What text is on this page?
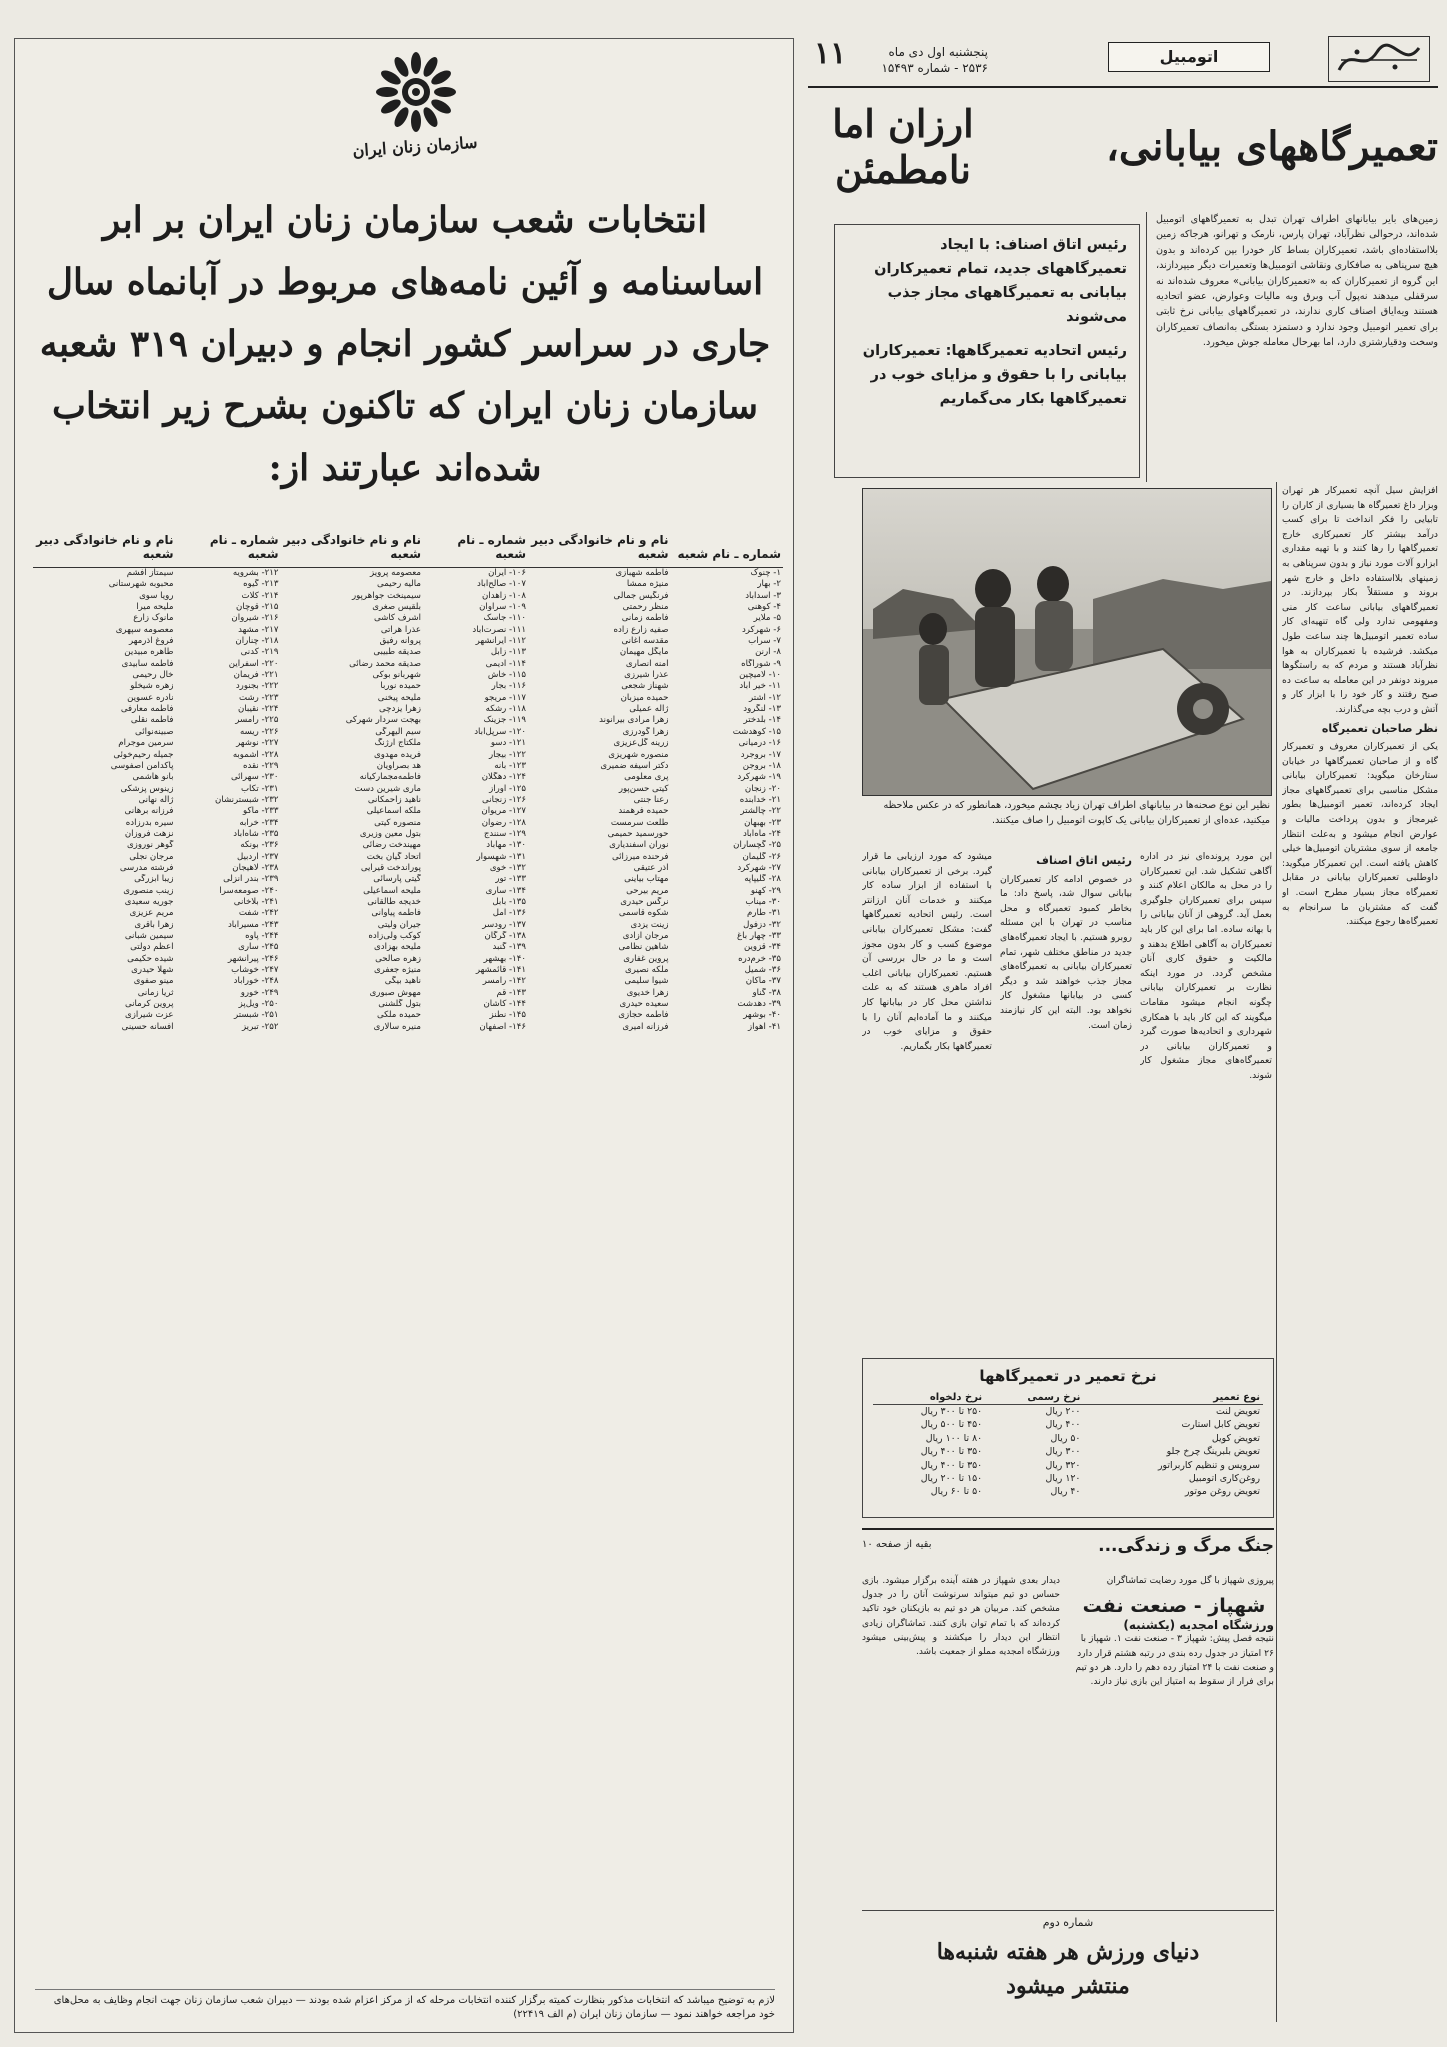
سازمان زنان ایران
انتخابات شعب سازمان زنان ایران بر ابر اساسنامه و آئین نامه‌های مربوط در آبانماه سال جاری در سراسر کشور انجام و دبیران ۳۱۹ شعبه سازمان زنان ایران که تاکنون بشرح زیر انتخاب شده‌اند عبارتند از:
شماره ـ نام شعبه	نام و نام خانوادگی دبیر شعبه	شماره ـ نام شعبه	نام و نام خانوادگی دبیر شعبه	شماره ـ نام شعبه	نام و نام خانوادگی دبیر شعبه
۱- چنوک	فاطمه شهبازی	۱۰۶- ایران	معصومه پرویز	۲۱۲- بشرویه	سیمتاز افشم
۲- بهار	منیژه ممشا	۱۰۷- صالح‌آباد	مالیه رحیمی	۲۱۳- گیوه	محبوبه شهرستانی
۳- آسدآباد	فرنگیس جمالی	۱۰۸- زاهدان	سیمینخت جوآهرپور	۲۱۴- کلات	رویا سوی
۴- کوهنی	منظر رحمتی	۱۰۹- سراوان	بلقیس صغری	۲۱۵- قوچان	ملیحه میرا
۵- ملایر	فاطمه زمانی	۱۱۰- جاسک	اشرف کاشی	۲۱۶- شیروان	مانوک زارع
۶- شهرکرد	صفیه زارع زاده	۱۱۱- نصرت‌آباد	عذرا هراتی	۲۱۷- مشهد	معصومه سپهری
۷- سراب	مقدسه آغانی	۱۱۲- ایرانشهر	پروانه رفیق	۲۱۸- چناران	فروغ آذرمهر
۸- ارنن	مایگل مهیمان	۱۱۳- زابل	صدیقه طبیبی	۲۱۹- کدنی	طاهره مبیدین
۹- شوراگاه	آمنه انصاری	۱۱۴- ادیمی	صدیقه محمد رضائی	۲۲۰- اسفراین	فاطمه سابیدی
۱۰- لامیچین	عذرا شیرزی	۱۱۵- خاش	شهربانو بوکی	۲۲۱- فریمان	خال رحیمی
۱۱- خیر آباد	شهناز شجعی	۱۱۶- بجار	حمیده نوربا	۲۲۲- بجنورد	زهره شیخلو
۱۲- اشتر	حمیده میزبان	۱۱۷- مریجو	ملیحه پیخنی	۲۲۳- رشت	نادره عسوین
۱۳- لنگرود	ژاله عمیلی	۱۱۸- رشکه	زهرا یزدچی	۲۲۴- نقیبان	فاطمه معارفی
۱۴- بلدختر	زهرا مرادی بیرانوند	۱۱۹- جزینک	بهجت سردار شهرکی	۲۲۵- رامسر	فاطمه نقلی
۱۵- کوهدشت	زهرا گودرزی	۱۲۰- سرپل‌آباد	سیم الیهرگی	۲۲۶- ریسه	صبینه‌نوائی
۱۶- درمیانی	زرینه گل‌عزیزی	۱۲۱- دسو	ملکتاج ارژنگ	۲۲۷- نوشهر	سرمین موجرام
۱۷- بروجرد	منصوره شهریزی	۱۲۲- بیجار	فریده مهدوی	۲۲۸- آشموبه	جمیله رحیم‌خوئی
۱۸- بروجن	دکتر آسیفه ضمیری	۱۲۳- بانه	هد بصراویان	۲۲۹- نقده	پاکدامن‌ اصفوسی
۱۹- شهرکرد	پری معلومی	۱۲۴- دهگلان	فاطمه‌مجمارکیانه	۲۳۰- سهرائی	بانو هاشمی
۲۰- زنجان	کیتی حسن‌پور	۱۲۵- اوراز	ماری شیرین دست	۲۳۱- تکاب	زینوس پزشکی
۲۱- خدابنده	رعنا جنتی	۱۲۶- زنجانی	ناهید زاحمکانی	۲۳۲- شبسترنشان	ژاله نهانی
۲۲- چالشتر	حمیده فرهمند	۱۲۷- مریوان	ملکه اسماعیلی	۲۳۳- ماکو	فرزانه برهانی
۲۳- بهبهان	طلعت سرمست	۱۲۸- رضوان	منصوره کیتی	۲۳۴- خرابه	سیره بدرزاده
۲۴- ماه‌آباد	حورسمید حمیمی	۱۲۹- سنندج	بتول معین وزیری	۲۳۵- شاه‌آباد	نزهت فروزان
۲۵- گچساران	نوران اسفندیاری	۱۳۰- مهاباد	مهیندخت رضائی	۲۳۶- بونکه	گوهر نوروزی
۲۶- گلیمان	فرحنده میرزائی	۱۳۱- شهسوار	اتحاد گیان بخت	۲۳۷- اردبیل	مرجان نجلی
۲۷- شهرکرد	آذر عتیقی	۱۳۲- خوی	پوراندخت قیرایی	۲۳۸- لاهیجان	فرشته مدرسی
۲۸- گلیپاپه	مهتاب بیاینی	۱۳۳- تور	گیتی پارسائی	۲۳۹- بندر انزلی	زیبا ابزرگی
۲۹- کهنو	مریم بیرحی	۱۳۴- ساری	ملیحه اسماعیلی	۲۴۰- صومعه‌سرا	زینب منصوری
۳۰- میناب	نرگس حیدری	۱۳۵- بابل	خدیجه طالقانی	۲۴۱- بلاخانی	جوریه سعیدی
۳۱- طارم	شکوه قاسمی	۱۳۶- آمل	فاطمه پیاوانی	۲۴۲- شفت	مریم عزیزی
۳۲- دزفول	زینت یزدی	۱۳۷- رودسر	جیران ولیتی	۲۴۳- مسیرآباد	زهرا باقری
۳۳- چهار باغ	مرجان آزادی	۱۳۸- گرگان	کوکب ولی‌زاده	۲۴۴- پاوه	سیمین شبانی
۳۴- قزوین	شاهین نظامی	۱۳۹- گنبد	ملیحه بهزادی	۲۴۵- ساری	اعظم دولتی
۳۵- خرم‌دره	پروین غفاری	۱۴۰- بهشهر	زهره صالحی	۲۴۶- پیرانشهر	شیده حکیمی
۳۶- شمیل	ملکه نصیری	۱۴۱- قائمشهر	منیژه جعفری	۲۴۷- خوشاب	شهلا حیدری
۳۷- ماکان	شیوا سلیمی	۱۴۲- رامسر	ناهید بیگی	۲۴۸- خورآباد	مینو صفوی
۳۸- گناو	زهرا خدیوی	۱۴۳- قم	مهوش صبوری	۲۴۹- خورو	ثریا زمانی
۳۹- دهدشت	سعیده حیدری	۱۴۴- کاشان	بتول گلشنی	۲۵۰- ویل‌پز	پروین کرمانی
۴۰- بوشهر	فاطمه حجازی	۱۴۵- نطنز	حمیده ملکی	۲۵۱- شبستر	عزت شیرازی
۴۱- اهواز	فرزانه امیری	۱۴۶- اصفهان	منیره سالاری	۲۵۲- تبریز	افسانه حسینی
لازم به توضیح میباشد که انتخابات مذکور بنظارت کمیته برگزار کننده انتخابات مرحله که از مرکز اعزام شده بودند — دبیران شعب سازمان زنان جهت انجام وظایف به محل‌های خود مراجعه خواهند نمود — سازمان زنان ایران (م الف ۲۲۴۱۹)
۱۱	پنجشنبه اول دی ماه
۲۵۳۶ - شماره ۱۵۴۹۳
اتومبیل
تعمیرگاههای بیابانی،
ارزان اما نامطمئن
زمین‌های بایر بیابانهای اطراف تهران تبدل به تعمیرگاههای اتومبیل شده‌اند، درحوالی نظرآباد، تهران پارس، نارمک و تهرانو، هرجاکه زمین بلااستفاده‌ای باشد، تعمیرکاران بساط کار خودرا بپن کرده‌اند و بدون هیچ سرپناهی به صافکاری ونقاشی اتومبیل‌ها وتعمیرات دیگر میپردازند، این گروه از تعمیرکاران که به «تعمیرکاران بیابانی» معروف شده‌اند نه سرقفلی میدهند نه‌پول آب وبرق وبه مالیات وعوارض، عضو اتحادیه هستند ویه‌ایاق اصناف کاری ندارند، در تعمیرگاههای بیابانی نرخ ثابتی برای تعمیر اتومبیل وجود ندارد و دستمزد بستگی به‌انصاف تعمیرکاران وسخت ودقیارشتری دارد، اما بهرحال معامله جوش میخورد.

رئیس اتاق اصناف: با ایجاد تعمیرگاههای جدید، تمام تعمیرکاران بیابانی به تعمیرگاههای مجاز جذب می‌شوند

رئیس اتحادیه تعمیرگاهها: تعمیرکاران بیابانی را با حقوق و مزایای خوب در تعمیرگاهها بکار می‌گماریم

نظیر این نوع صحنه‌ها در بیابانهای اطراف تهران زیاد بچشم میخورد، همانطور که در عکس ملاحظه میکنید، عده‌ای از تعمیرکاران بیابانی یک کاپوت اتومبیل را صاف میکنند.
افزایش سیل آنچه تعمیرکار هر تهران وبزار داغ تعمیرگاه ها بسیاری از کاران را تابیایی را فکر انداخت تا برای کسب درآمد بیشتر کار تعمیرکاری خارج تعمیرگاهها را رها کنند و با تهیه مقداری ابزارو آلات مورد نیاز و بدون سرپناهی به زمینهای بلااستفاده داخل و خارج شهر بروند و مستقلاً بکار بپردازند. در تعمیرگاههای بیابانی ساعت کار منی ومفهومی ندارد ولی گاه تنهیه‌ای کار ساده تعمیر اتومبیل‌ها چند ساعت طول میکشد. فرشیده با تعمیرکاران به هوا نظرآباد هستند و مردم که به‌ راستگوها میروند دونفر در این معامله به ساعت ده صبح رفتند و کار خود را با ابزار کار و آتش و درب بچه می‌گذارند.
نظر صاحبان تعمیرگاه
یکی از تعمیرکاران معروف و تعمیرکار گاه و از صاحبان تعمیرگاهها در خیابان ستارخان میگوید: تعمیرکاران بیابانی مشکل مناسبی برای تعمیرگاههای مجاز ایجاد کرده‌اند، تعمیر اتومبیل‌ها بطور غیرمجاز و بدون پرداخت مالیات و عوارض انجام میشود و به‌علت انتظار جامعه از سوی مشتریان اتومبیل‌ها خیلی کاهش یافته است. این تعمیرکار میگوید: داوطلبی تعمیرکاران بیابانی در مقابل تعمیرگاه مجاز بسیار مطرح است. او گفت که مشتریان ما سرانجام به تعمیرگاه‌ها رجوع میکنند.
این مورد پرونده‌ای نیز در اداره آگاهی تشکیل شد. این تعمیرکاران را در محل به مالکان اعلام کنند و سپس برای تعمیرکاران جلوگیری بعمل آید. گروهی از آنان بیابانی را با بهانه ساده. اما برای این کار باید تعمیرکاران به آگاهی اطلاع بدهند و مالکیت و حقوق کاری آنان مشخص گردد. در مورد اینکه نظارت بر تعمیرکاران بیابانی چگونه انجام میشود مقامات میگویند که این کار باید با همکاری شهرداری و اتحادیه‌ها صورت گیرد و تعمیرکاران بیابانی در تعمیرگاه‌های مجاز مشغول کار شوند.
رئیس اتاق اصناف
در خصوص ادامه کار تعمیرکاران بیابانی سوال شد، پاسخ داد: ما بخاطر کمبود تعمیرگاه و محل مناسب در تهران با این مسئله روبرو هستیم. با ایجاد تعمیرگاه‌های جدید در مناطق مختلف شهر، تمام تعمیرکاران بیابانی به تعمیرگاه‌های مجاز جذب خواهند شد و دیگر کسی در بیابانها مشغول کار نخواهد بود. البته این کار نیازمند زمان است.
میشود که مورد ارزیابی ما قرار گیرد. برخی از تعمیرکاران بیابانی با استفاده از ابزار ساده کار میکنند و خدمات آنان ارزانتر است. رئیس اتحادیه تعمیرگاهها گفت: مشکل تعمیرکاران بیابانی موضوع کسب و کار بدون مجوز است و ما در حال بررسی آن هستیم. تعمیرکاران بیابانی اغلب افراد ماهری هستند که به علت نداشتن محل کار در بیابانها کار میکنند و ما آماده‌ایم آنان را با حقوق و مزایای خوب در تعمیرگاهها بکار بگماریم.
نرخ تعمیر در تعمیرگاهها
نوع تعمیر	نرخ رسمی	نرخ دلخواه
تعویض لنت	۲۰۰ ریال	۲۵۰ تا ۳۰۰ ریال
تعویض کابل استارت	۴۰۰ ریال	۴۵۰ تا ۵۰۰ ریال
تعویض کویل	۵۰ ریال	۸۰ تا ۱۰۰ ریال
تعویض بلبرینگ چرخ جلو	۳۰۰ ریال	۳۵۰ تا ۴۰۰ ریال
سرویس و تنظیم کاربراتور	۳۲۰ ریال	۳۵۰ تا ۴۰۰ ریال
روغن‌کاری اتومبیل	۱۲۰ ریال	۱۵۰ تا ۲۰۰ ریال
تعویض روغن موتور	۴۰ ریال	۵۰ تا ۶۰ ریال
جنگ مرگ و زندگی...
بقیه از صفحه ۱۰
پیروزی شهپاز با گل مورد رضایت تماشاگران
شهپاز - صنعت نفت
ورزشگاه امجدیه (یکشنبه)
نتیجه فصل پیش: شهپاز ۳ - صنعت نفت ۱. شهپاز با ۲۶ امتیاز در جدول رده بندی در رتبه هشتم قرار دارد و صنعت نفت با ۲۴ امتیاز رده دهم را دارد. هر دو تیم برای فرار از سقوط به امتیاز این بازی نیاز دارند.
دیدار بعدی شهپاز در هفته آینده برگزار میشود. بازی حساس دو تیم میتواند سرنوشت آنان را در جدول مشخص کند. مربیان هر دو تیم به بازیکنان خود تاکید کرده‌اند که با تمام توان بازی کنند. تماشاگران زیادی انتظار این دیدار را میکشند و پیش‌بینی میشود ورزشگاه امجدیه مملو از جمعیت باشد.
شماره دوم
دنیای ورزش هر هفته شنبه‌ها
منتشر میشود
